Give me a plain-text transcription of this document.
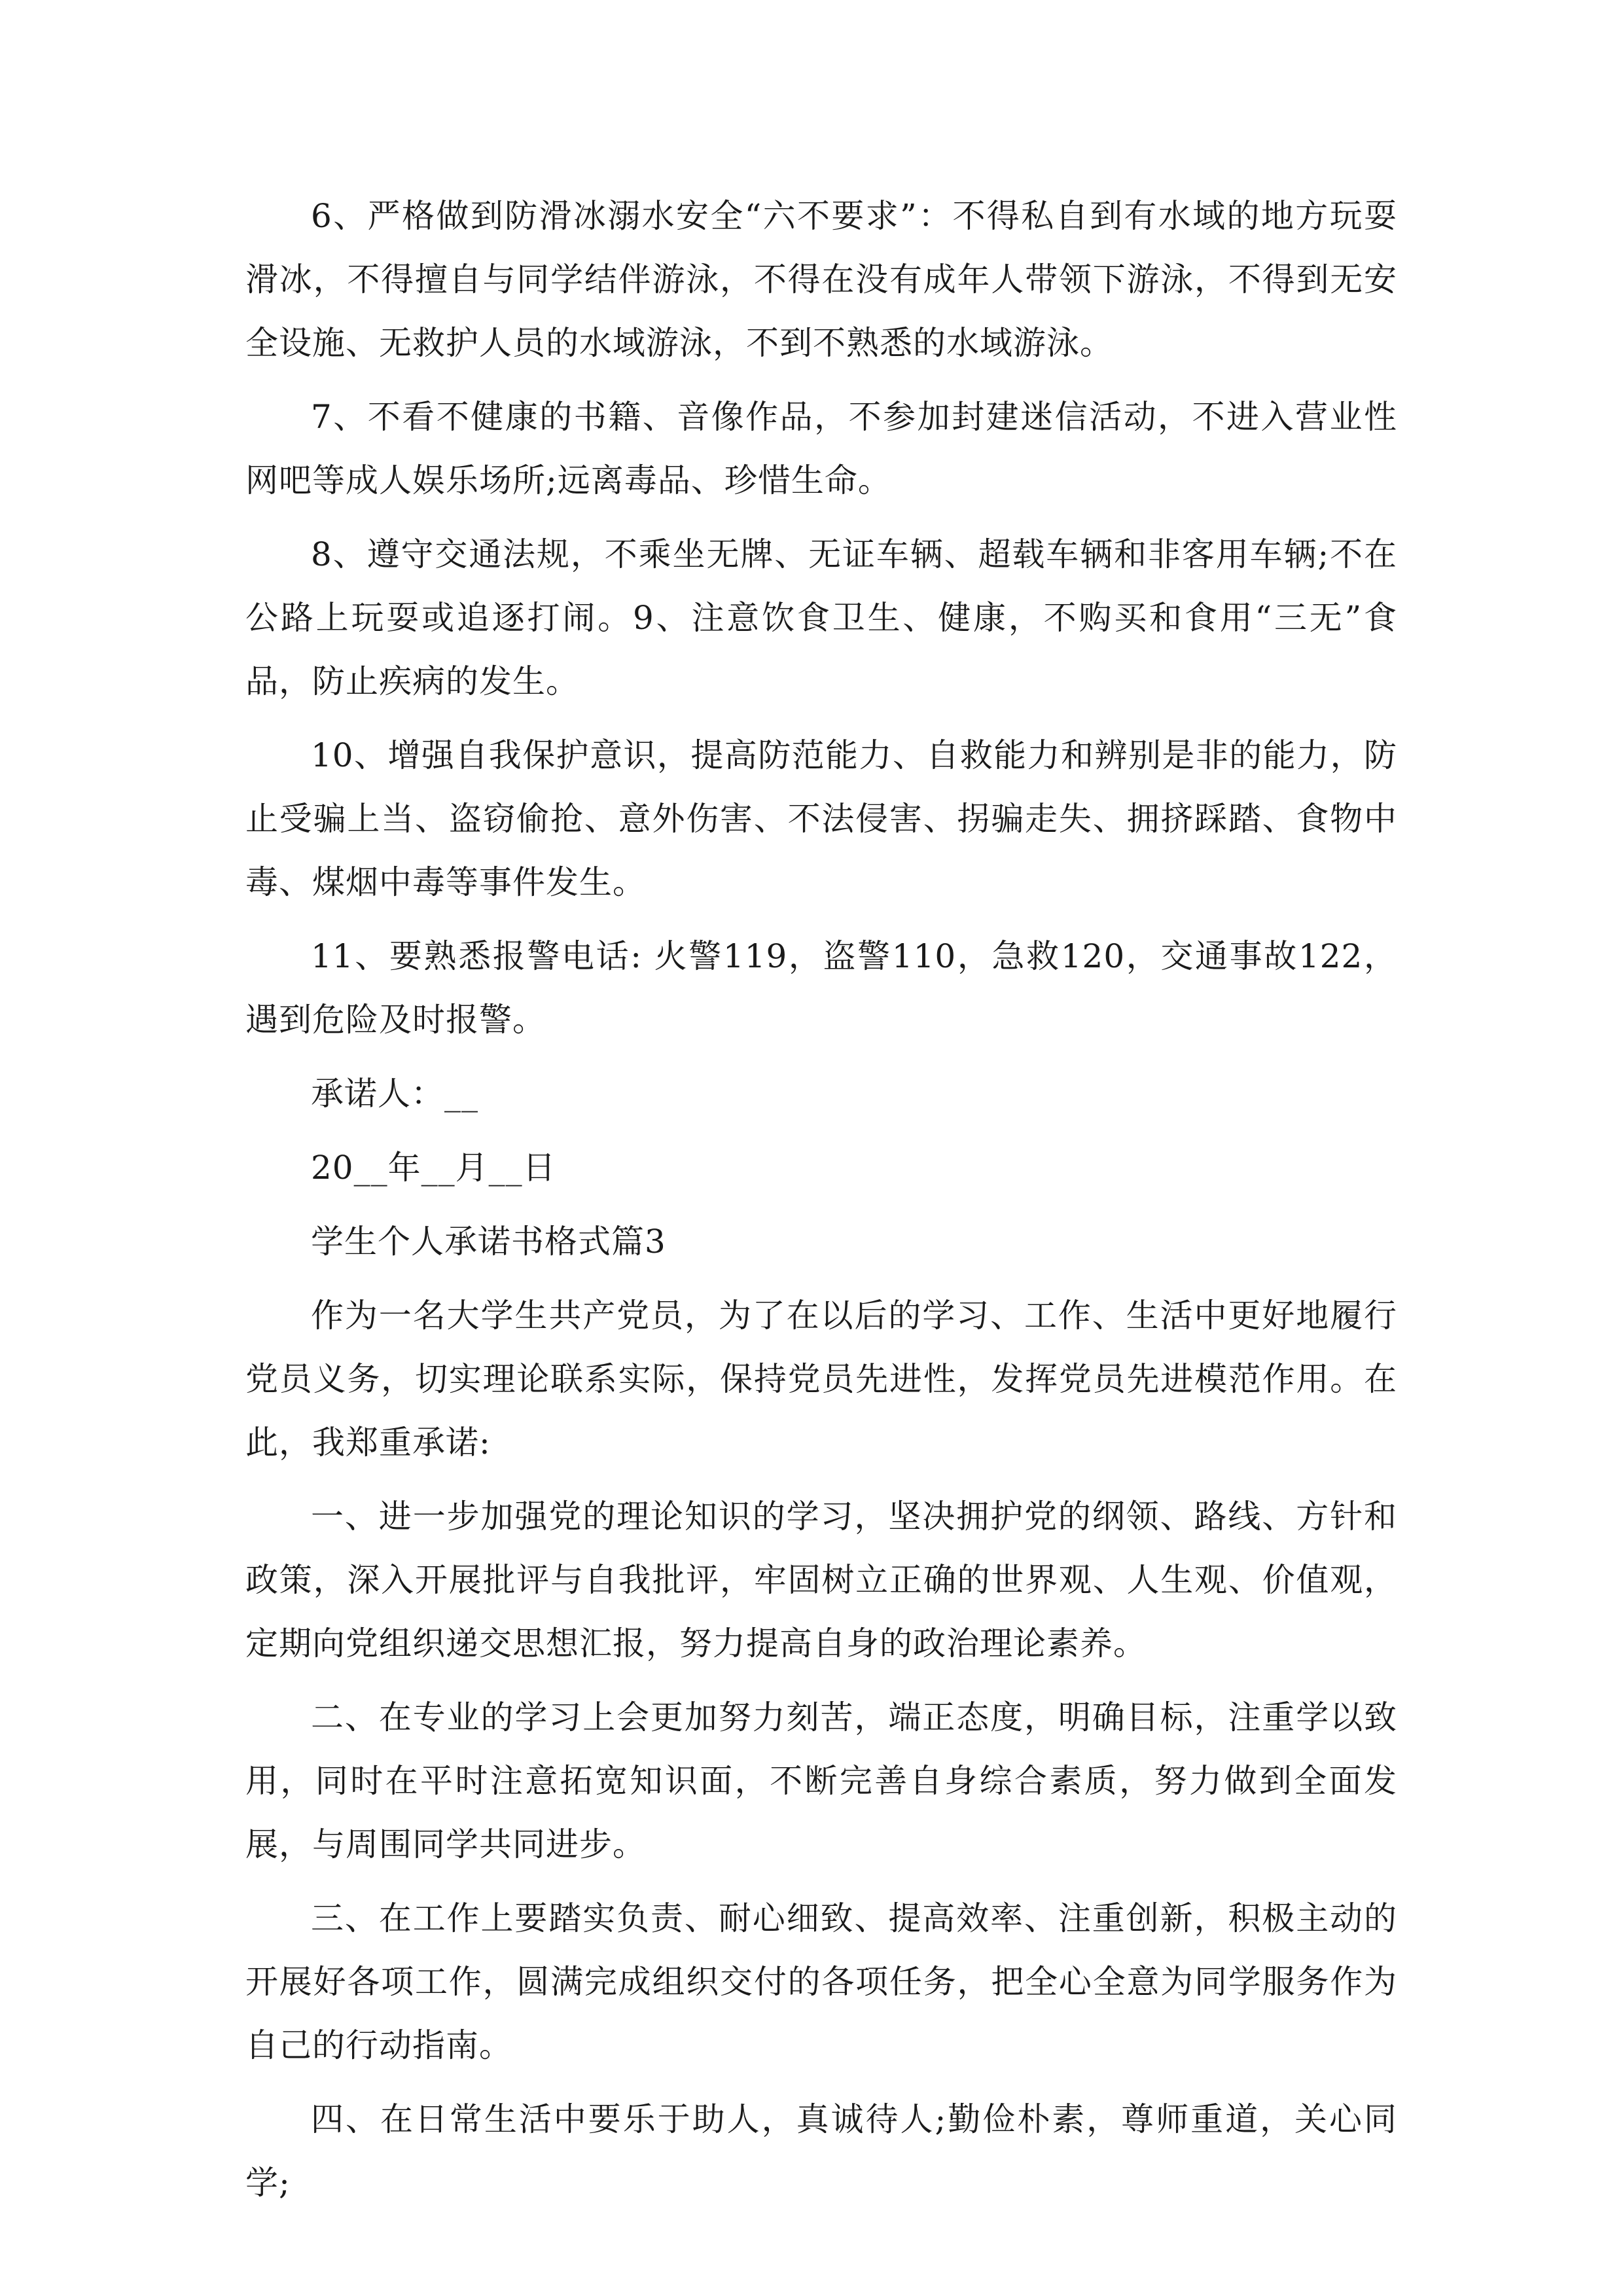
6、严格做到防滑冰溺水安全“六不要求”：不得私自到有水域的地方玩耍滑冰，不得擅自与同学结伴游泳，不得在没有成年人带领下游泳，不得到无安全设施、无救护人员的水域游泳，不到不熟悉的水域游泳。

7、不看不健康的书籍、音像作品，不参加封建迷信活动，不进入营业性网吧等成人娱乐场所;远离毒品、珍惜生命。

8、遵守交通法规，不乘坐无牌、无证车辆、超载车辆和非客用车辆;不在公路上玩耍或追逐打闹。9、注意饮食卫生、健康，不购买和食用“三无”食品，防止疾病的发生。

10、增强自我保护意识，提高防范能力、自救能力和辨别是非的能力，防止受骗上当、盗窃偷抢、意外伤害、不法侵害、拐骗走失、拥挤踩踏、食物中毒、煤烟中毒等事件发生。

11、要熟悉报警电话: 火警119，盗警110，急救120，交通事故122，遇到危险及时报警。

承诺人：__

20__年__月__日

学生个人承诺书格式篇3

作为一名大学生共产党员，为了在以后的学习、工作、生活中更好地履行党员义务，切实理论联系实际，保持党员先进性，发挥党员先进模范作用。在此，我郑重承诺:

一、进一步加强党的理论知识的学习，坚决拥护党的纲领、路线、方针和政策，深入开展批评与自我批评，牢固树立正确的世界观、人生观、价值观，定期向党组织递交思想汇报，努力提高自身的政治理论素养。

二、在专业的学习上会更加努力刻苦，端正态度，明确目标，注重学以致用，同时在平时注意拓宽知识面，不断完善自身综合素质，努力做到全面发展，与周围同学共同进步。

三、在工作上要踏实负责、耐心细致、提高效率、注重创新，积极主动的开展好各项工作，圆满完成组织交付的各项任务，把全心全意为同学服务作为自己的行动指南。

四、在日常生活中要乐于助人，真诚待人;勤俭朴素，尊师重道，关心同学;
